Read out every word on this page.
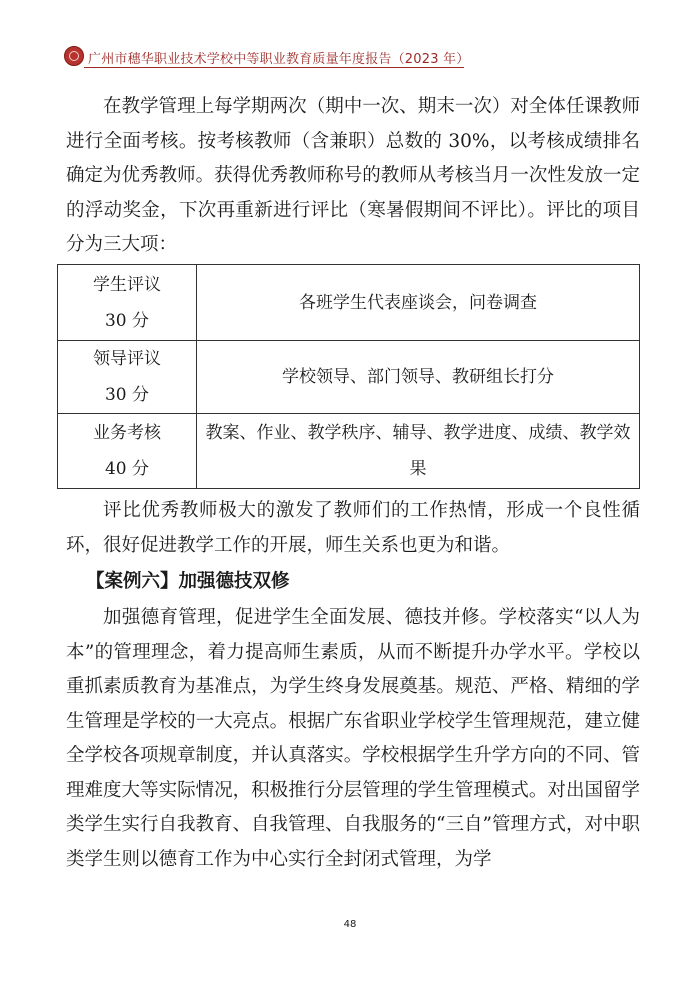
广州市穗华职业技术学校中等职业教育质量年度报告（2023 年）

在教学管理上每学期两次（期中一次、期末一次）对全体任课教师进行全面考核。按考核教师（含兼职）总数的 30%，以考核成绩排名确定为优秀教师。获得优秀教师称号的教师从考核当月一次性发放一定的浮动奖金，下次再重新进行评比（寒暑假期间不评比）。评比的项目分为三大项：

学生评议
30 分	各班学生代表座谈会，问卷调查

领导评议
30 分	学校领导、部门领导、教研组长打分

业务考核
40 分	教案、作业、教学秩序、辅导、教学进度、成绩、教学效果

评比优秀教师极大的激发了教师们的工作热情，形成一个良性循环，很好促进教学工作的开展，师生关系也更为和谐。

【案例六】加强德技双修

加强德育管理，促进学生全面发展、德技并修。学校落实“以人为本”的管理理念，着力提高师生素质，从而不断提升办学水平。学校以重抓素质教育为基准点，为学生终身发展奠基。规范、严格、精细的学生管理是学校的一大亮点。根据广东省职业学校学生管理规范，建立健全学校各项规章制度，并认真落实。学校根据学生升学方向的不同、管理难度大等实际情况，积极推行分层管理的学生管理模式。对出国留学类学生实行自我教育、自我管理、自我服务的“三自”管理方式，对中职类学生则以德育工作为中心实行全封闭式管理，为学

48
